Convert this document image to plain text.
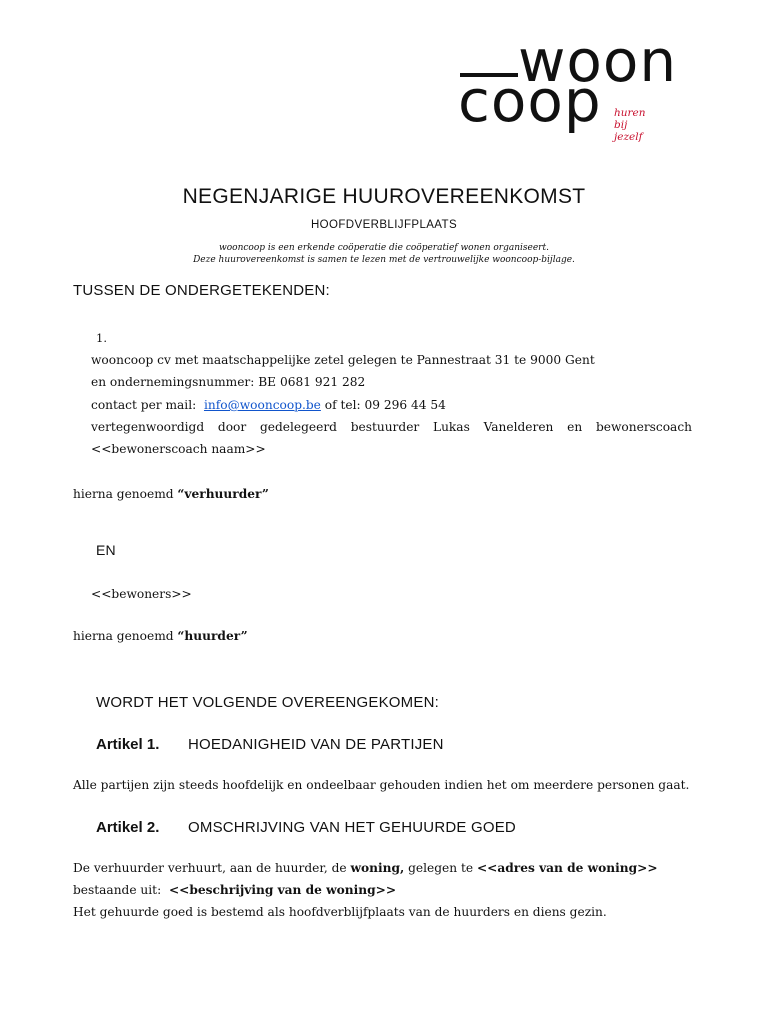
woon
coop huren bij jezelf
NEGENJARIGE HUUROVEREENKOMST
HOOFDVERBLIJFPLAATS
wooncoop is een erkende coöperatie die coöperatief wonen organiseert.
Deze huurovereenkomst is samen te lezen met de vertrouwelijke wooncoop-bijlage.
TUSSEN DE ONDERGETEKENDEN:
1.
wooncoop cv met maatschappelijke zetel gelegen te Pannestraat 31 te 9000 Gent
en ondernemingsnummer: BE 0681 921 282
contact per mail: info@wooncoop.be of tel: 09 296 44 54
vertegenwoordigd door gedelegeerd bestuurder Lukas Vanelderen en bewonerscoach
<<bewonerscoach naam>>
hierna genoemd “verhuurder”
EN
<<bewoners>>
hierna genoemd “huurder”
WORDT HET VOLGENDE OVEREENGEKOMEN:
Artikel 1. HOEDANIGHEID VAN DE PARTIJEN
Alle partijen zijn steeds hoofdelijk en ondeelbaar gehouden indien het om meerdere personen gaat.
Artikel 2. OMSCHRIJVING VAN HET GEHUURDE GOED
De verhuurder verhuurt, aan de huurder, de woning, gelegen te <<adres van de woning>>
bestaande uit: <<beschrijving van de woning>>
Het gehuurde goed is bestemd als hoofdverblijfplaats van de huurders en diens gezin.
